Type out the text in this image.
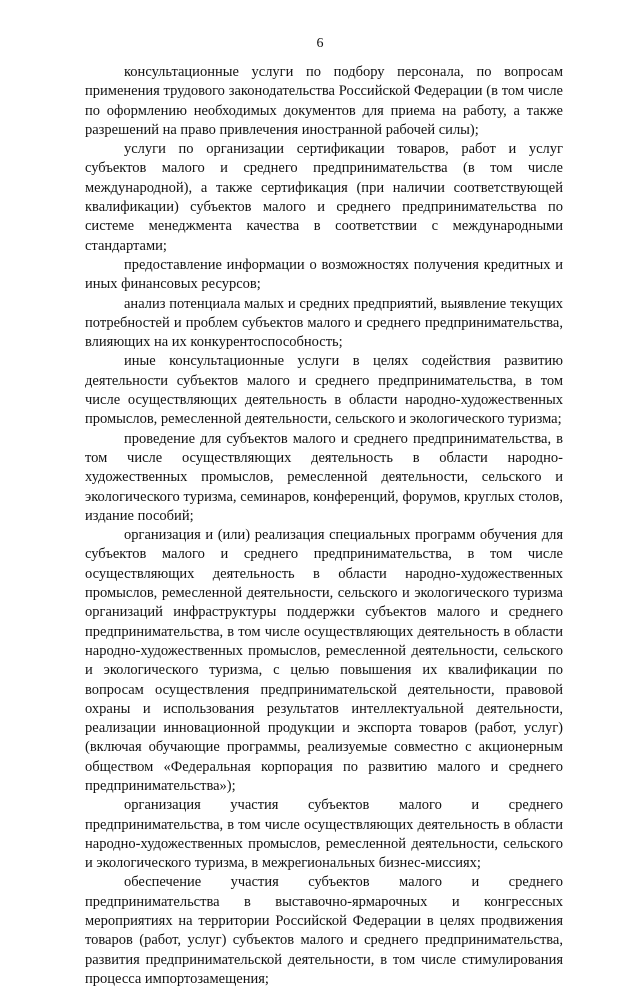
6

консультационные услуги по подбору персонала, по вопросам применения трудового законодательства Российской Федерации (в том числе по оформлению необходимых документов для приема на работу, а также разрешений на право привлечения иностранной рабочей силы);

услуги по организации сертификации товаров, работ и услуг субъектов малого и среднего предпринимательства (в том числе международной), а также сертификация (при наличии соответствующей квалификации) субъектов малого и среднего предпринимательства по системе менеджмента качества в соответствии с международными стандартами;

предоставление информации о возможностях получения кредитных и иных финансовых ресурсов;

анализ потенциала малых и средних предприятий, выявление текущих потребностей и проблем субъектов малого и среднего предпринимательства, влияющих на их конкурентоспособность;

иные консультационные услуги в целях содействия развитию деятельности субъектов малого и среднего предпринимательства, в том числе осуществляющих деятельность в области народно-художественных промыслов, ремесленной деятельности, сельского и экологического туризма;

проведение для субъектов малого и среднего предпринимательства, в том числе осуществляющих деятельность в области народно-художественных промыслов, ремесленной деятельности, сельского и экологического туризма, семинаров, конференций, форумов, круглых столов, издание пособий;

организация и (или) реализация специальных программ обучения для субъектов малого и среднего предпринимательства, в том числе осуществляющих деятельность в области народно-художественных промыслов, ремесленной деятельности, сельского и экологического туризма организаций инфраструктуры поддержки субъектов малого и среднего предпринимательства, в том числе осуществляющих деятельность в области народно-художественных промыслов, ремесленной деятельности, сельского и экологического туризма, с целью повышения их квалификации по вопросам осуществления предпринимательской деятельности, правовой охраны и использования результатов интеллектуальной деятельности, реализации инновационной продукции и экспорта товаров (работ, услуг) (включая обучающие программы, реализуемые совместно с акционерным обществом «Федеральная корпорация по развитию малого и среднего предпринимательства»);

организация участия субъектов малого и среднего предпринимательства, в том числе осуществляющих деятельность в области народно-художественных промыслов, ремесленной деятельности, сельского и экологического туризма, в межрегиональных бизнес-миссиях;

обеспечение участия субъектов малого и среднего предпринимательства в выставочно-ярмарочных и конгрессных мероприятиях на территории Российской Федерации в целях продвижения товаров (работ, услуг) субъектов малого и среднего предпринимательства, развития предпринимательской деятельности, в том числе стимулирования процесса импортозамещения;
